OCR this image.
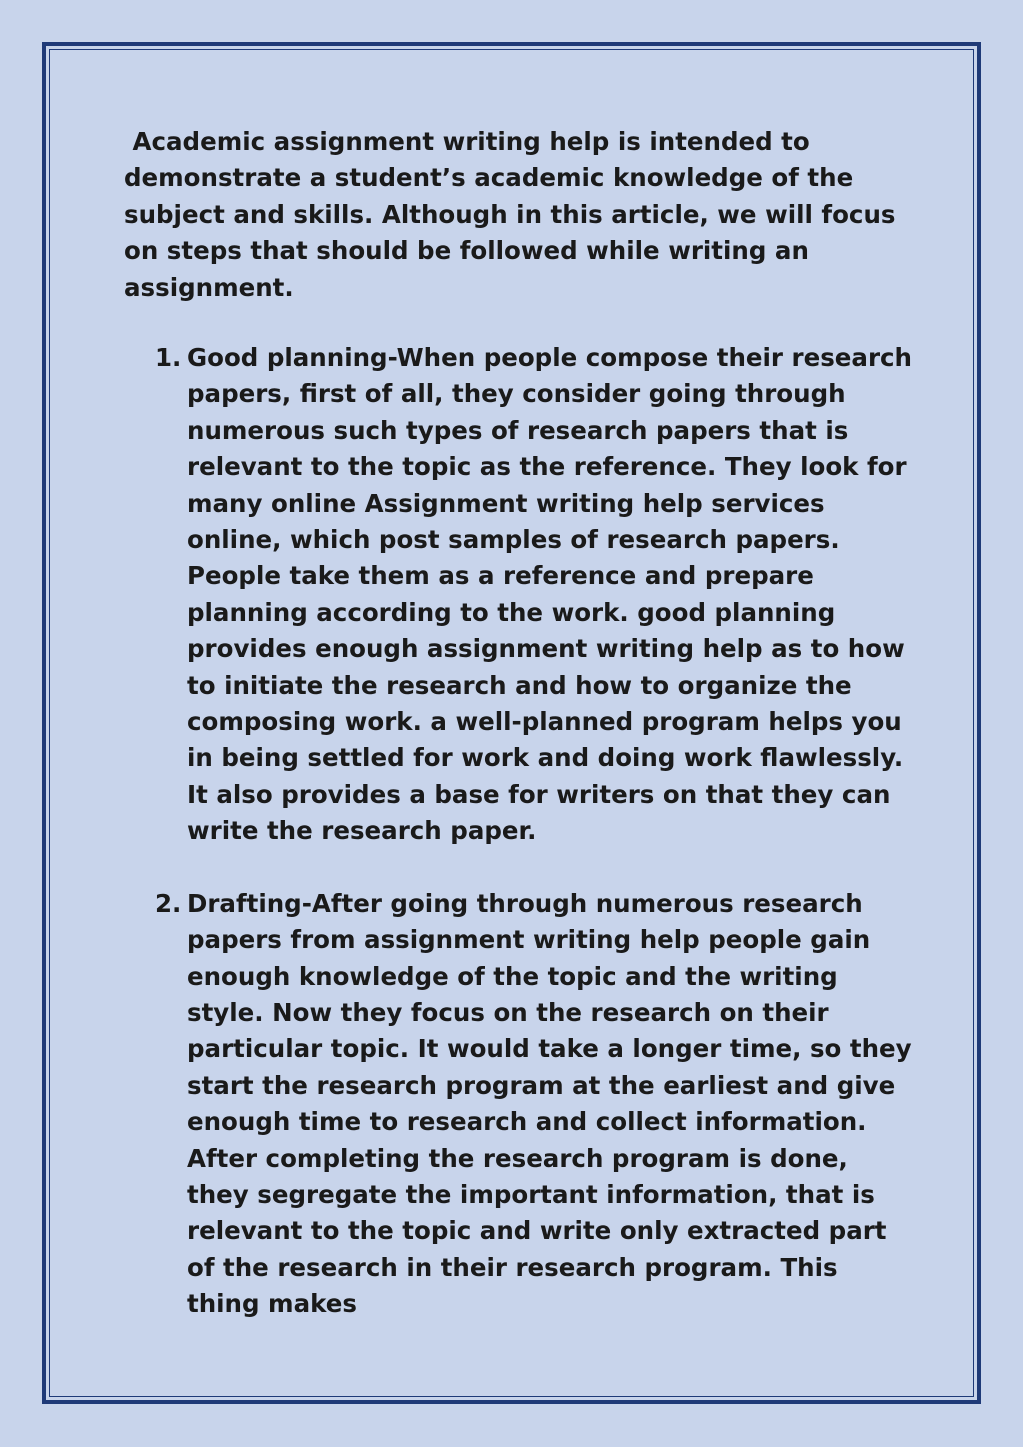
Academic assignment writing help is intended to demonstrate a student’s academic knowledge of the subject and skills. Although in this article, we will focus on steps that should be followed while writing an assignment.

1. Good planning-When people compose their research papers, first of all, they consider going through numerous such types of research papers that is relevant to the topic as the reference. They look for many online Assignment writing help services online, which post samples of research papers. People take them as a reference and prepare planning according to the work. good planning provides enough assignment writing help as to how to initiate the research and how to organize the composing work. a well-planned program helps you in being settled for work and doing work flawlessly. It also provides a base for writers on that they can write the research paper.
2. Drafting-After going through numerous research papers from assignment writing help people gain enough knowledge of the topic and the writing style. Now they focus on the research on their particular topic. It would take a longer time, so they start the research program at the earliest and give enough time to research and collect information. After completing the research program is done, they segregate the important information, that is relevant to the topic and write only extracted part of the research in their research program. This thing makes
